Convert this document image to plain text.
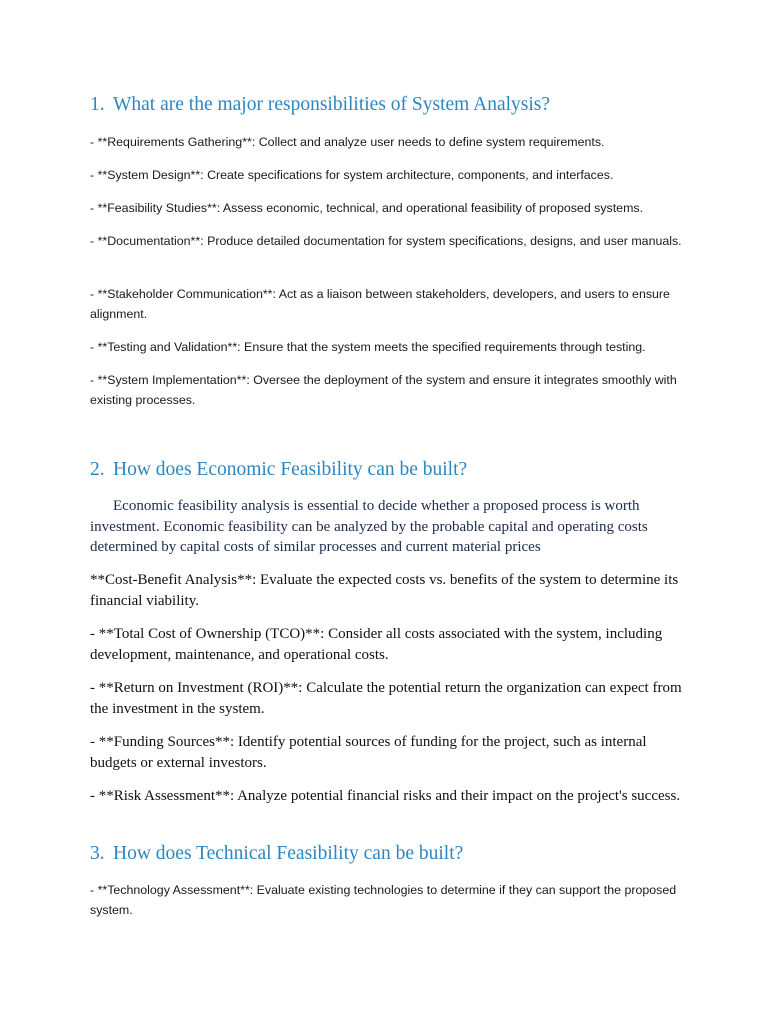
1. What are the major responsibilities of System Analysis?

- **Requirements Gathering**: Collect and analyze user needs to define system requirements.

- **System Design**: Create specifications for system architecture, components, and interfaces.

- **Feasibility Studies**: Assess economic, technical, and operational feasibility of proposed systems.

- **Documentation**: Produce detailed documentation for system specifications, designs, and user manuals.

- **Stakeholder Communication**: Act as a liaison between stakeholders, developers, and users to ensure alignment.

- **Testing and Validation**: Ensure that the system meets the specified requirements through testing.

- **System Implementation**: Oversee the deployment of the system and ensure it integrates smoothly with existing processes.

2. How does Economic Feasibility can be built?

Economic feasibility analysis is essential to decide whether a proposed process is worth investment. Economic feasibility can be analyzed by the probable capital and operating costs determined by capital costs of similar processes and current material prices

**Cost-Benefit Analysis**: Evaluate the expected costs vs. benefits of the system to determine its financial viability.

- **Total Cost of Ownership (TCO)**: Consider all costs associated with the system, including development, maintenance, and operational costs.

- **Return on Investment (ROI)**: Calculate the potential return the organization can expect from the investment in the system.

- **Funding Sources**: Identify potential sources of funding for the project, such as internal budgets or external investors.

- **Risk Assessment**: Analyze potential financial risks and their impact on the project's success.

3. How does Technical Feasibility can be built?

- **Technology Assessment**: Evaluate existing technologies to determine if they can support the proposed system.
